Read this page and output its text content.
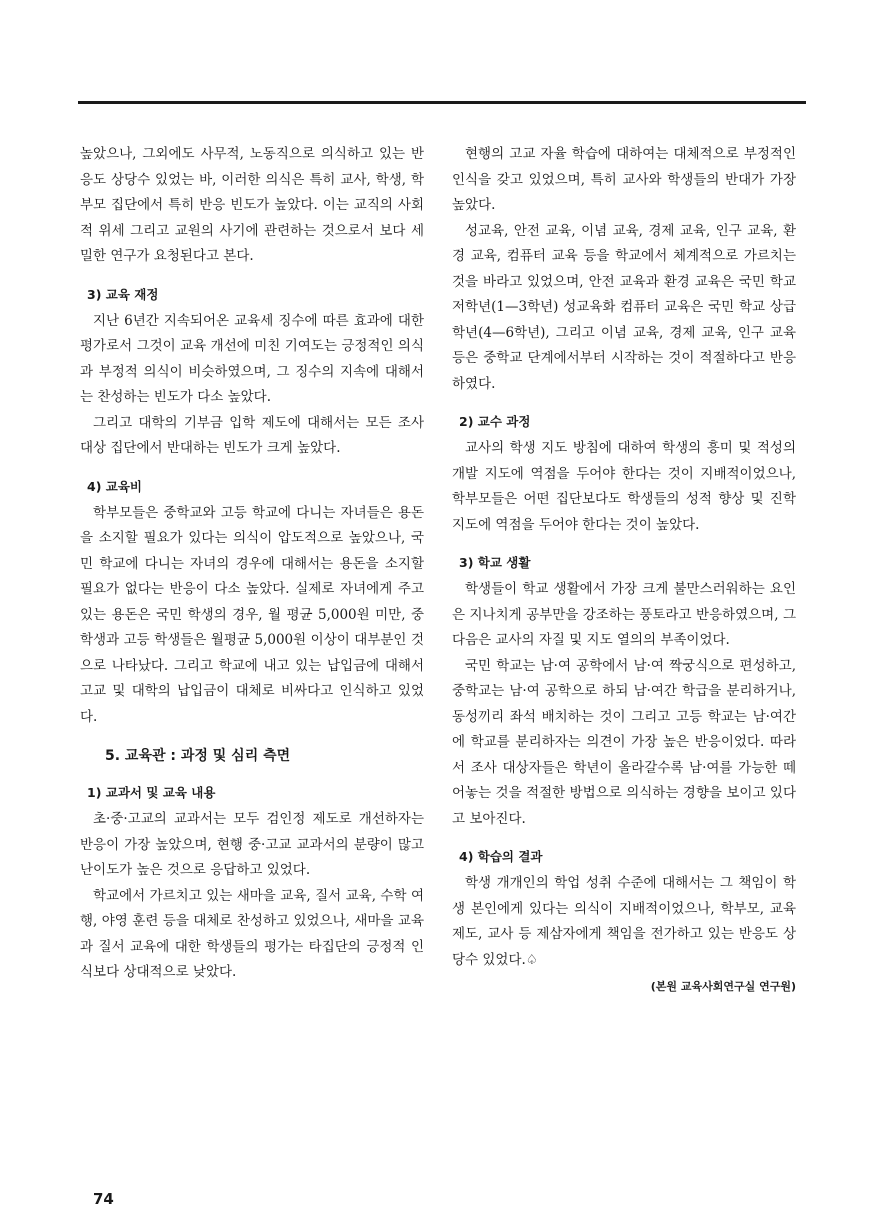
높았으나, 그외에도 사무적, 노동직으로 의식하고 있는 반응도 상당수 있었는 바, 이러한 의식은 특히 교사, 학생, 학부모 집단에서 특히 반응 빈도가 높았다. 이는 교직의 사회적 위세 그리고 교원의 사기에 관련하는 것으로서 보다 세밀한 연구가 요청된다고 본다.

3) 교육 재정

지난 6년간 지속되어온 교육세 징수에 따른 효과에 대한 평가로서 그것이 교육 개선에 미친 기여도는 긍정적인 의식과 부정적 의식이 비슷하였으며, 그 징수의 지속에 대해서는 찬성하는 빈도가 다소 높았다.

그리고 대학의 기부금 입학 제도에 대해서는 모든 조사 대상 집단에서 반대하는 빈도가 크게 높았다.

4) 교육비

학부모들은 중학교와 고등 학교에 다니는 자녀들은 용돈을 소지할 필요가 있다는 의식이 압도적으로 높았으나, 국민 학교에 다니는 자녀의 경우에 대해서는 용돈을 소지할 필요가 없다는 반응이 다소 높았다. 실제로 자녀에게 주고 있는 용돈은 국민 학생의 경우, 월 평균 5,000원 미만, 중학생과 고등 학생들은 월평균 5,000원 이상이 대부분인 것으로 나타났다. 그리고 학교에 내고 있는 납입금에 대해서 고교 및 대학의 납입금이 대체로 비싸다고 인식하고 있었다.

5. 교육관 : 과정 및 심리 측면
1) 교과서 및 교육 내용

초·중·고교의 교과서는 모두 검인정 제도로 개선하자는 반응이 가장 높았으며, 현행 중·고교 교과서의 분량이 많고 난이도가 높은 것으로 응답하고 있었다.

학교에서 가르치고 있는 새마을 교육, 질서 교육, 수학 여행, 야영 훈련 등을 대체로 찬성하고 있었으나, 새마을 교육과 질서 교육에 대한 학생들의 평가는 타집단의 긍정적 인식보다 상대적으로 낮았다.

현행의 고교 자율 학습에 대하여는 대체적으로 부정적인 인식을 갖고 있었으며, 특히 교사와 학생들의 반대가 가장 높았다.

성교육, 안전 교육, 이념 교육, 경제 교육, 인구 교육, 환경 교육, 컴퓨터 교육 등을 학교에서 체계적으로 가르치는 것을 바라고 있었으며, 안전 교육과 환경 교육은 국민 학교 저학년(1—3학년) 성교육화 컴퓨터 교육은 국민 학교 상급 학년(4—6학년), 그리고 이념 교육, 경제 교육, 인구 교육 등은 중학교 단계에서부터 시작하는 것이 적절하다고 반응하였다.

2) 교수 과정

교사의 학생 지도 방침에 대하여 학생의 흥미 및 적성의 개발 지도에 역점을 두어야 한다는 것이 지배적이었으나, 학부모들은 어떤 집단보다도 학생들의 성적 향상 및 진학 지도에 역점을 두어야 한다는 것이 높았다.

3) 학교 생활

학생들이 학교 생활에서 가장 크게 불만스러워하는 요인은 지나치게 공부만을 강조하는 풍토라고 반응하였으며, 그 다음은 교사의 자질 및 지도 열의의 부족이었다.

국민 학교는 남·여 공학에서 남·여 짝궁식으로 편성하고, 중학교는 남·여 공학으로 하되 남·여간 학급을 분리하거나, 동성끼리 좌석 배치하는 것이 그리고 고등 학교는 남·여간에 학교를 분리하자는 의견이 가장 높은 반응이었다. 따라서 조사 대상자들은 학년이 올라갈수록 남·여를 가능한 떼어놓는 것을 적절한 방법으로 의식하는 경향을 보이고 있다고 보아진다.

4) 학습의 결과

학생 개개인의 학업 성취 수준에 대해서는 그 책임이 학생 본인에게 있다는 의식이 지배적이었으나, 학부모, 교육 제도, 교사 등 제삼자에게 책임을 전가하고 있는 반응도 상당수 있었다.♤

(본원 교육사회연구실 연구원)
74
